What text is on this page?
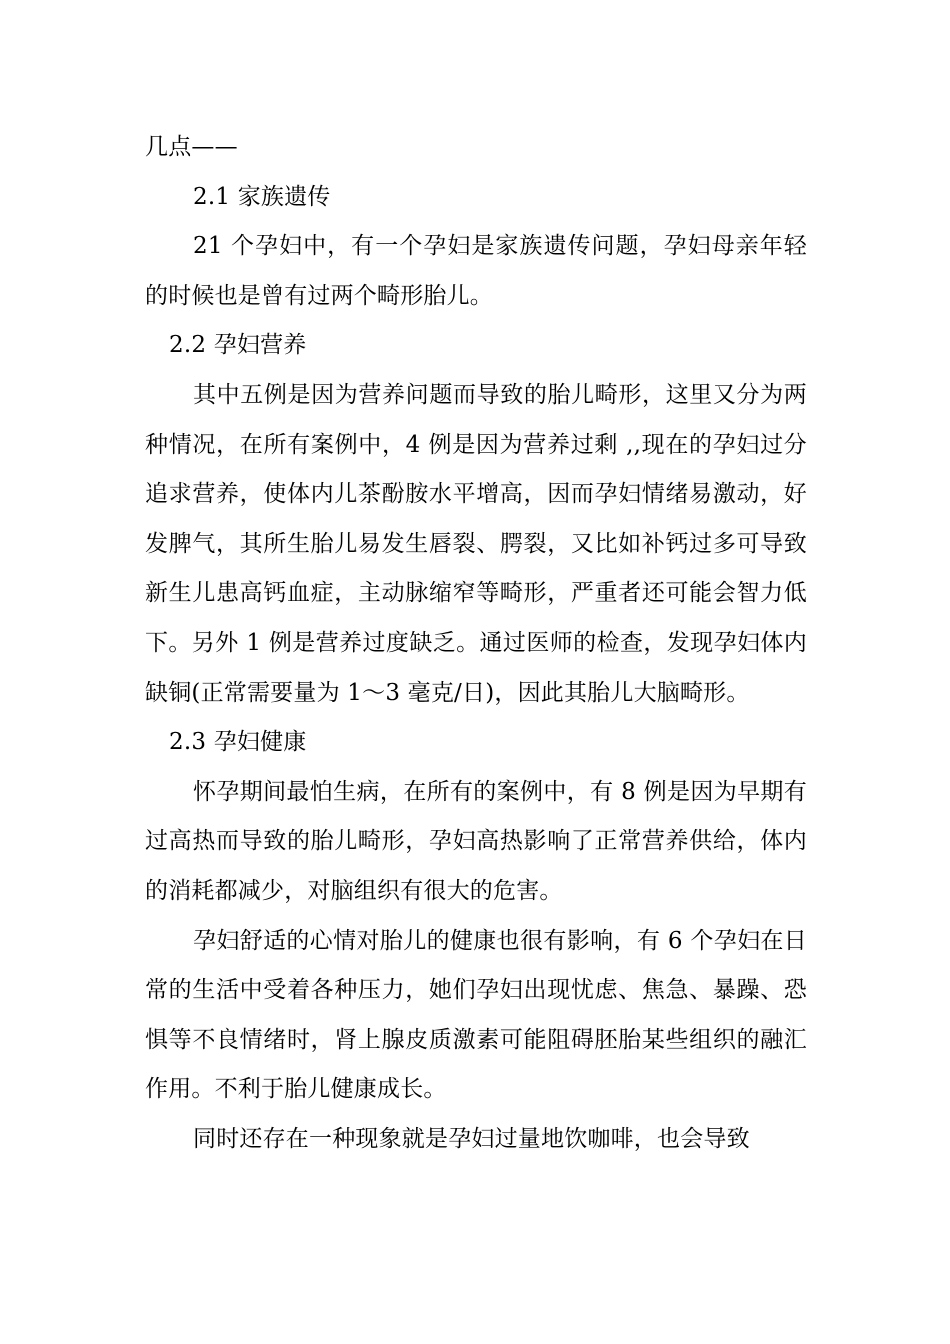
几点——

2.1 家族遗传

21 个孕妇中，有一个孕妇是家族遗传问题，孕妇母亲年轻的时候也是曾有过两个畸形胎儿。

2.2 孕妇营养

其中五例是因为营养问题而导致的胎儿畸形，这里又分为两种情况，在所有案例中，4 例是因为营养过剩 ,,现在的孕妇过分追求营养，使体内儿茶酚胺水平增高，因而孕妇情绪易激动，好发脾气，其所生胎儿易发生唇裂、腭裂，又比如补钙过多可导致新生儿患高钙血症，主动脉缩窄等畸形，严重者还可能会智力低下。另外 1 例是营养过度缺乏。通过医师的检查，发现孕妇体内缺铜(正常需要量为 1～3 毫克/日)，因此其胎儿大脑畸形。

2.3 孕妇健康

怀孕期间最怕生病，在所有的案例中，有 8 例是因为早期有过高热而导致的胎儿畸形，孕妇高热影响了正常营养供给，体内的消耗都减少，对脑组织有很大的危害。

孕妇舒适的心情对胎儿的健康也很有影响，有 6 个孕妇在日常的生活中受着各种压力，她们孕妇出现忧虑、焦急、暴躁、恐惧等不良情绪时，肾上腺皮质激素可能阻碍胚胎某些组织的融汇作用。不利于胎儿健康成长。

同时还存在一种现象就是孕妇过量地饮咖啡，也会导致
